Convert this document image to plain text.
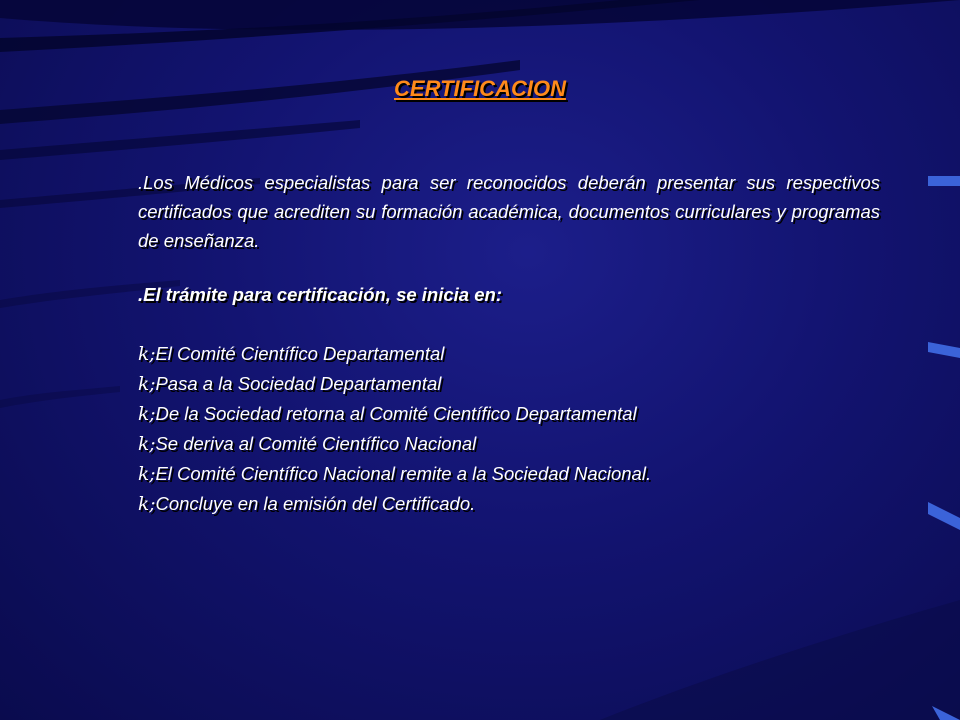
CERTIFICACION

.Los Médicos especialistas para ser reconocidos deberán presentar sus respectivos certificados que acrediten su formación académica, documentos curriculares y programas de enseñanza.

.El trámite para certificación, se inicia en:

k;El Comité Científico Departamental
k;Pasa a la Sociedad Departamental
k;De la Sociedad retorna al Comité Científico Departamental
k;Se deriva al Comité Científico Nacional
k;El Comité Científico Nacional remite a la Sociedad Nacional.
k;Concluye en la emisión del Certificado.
